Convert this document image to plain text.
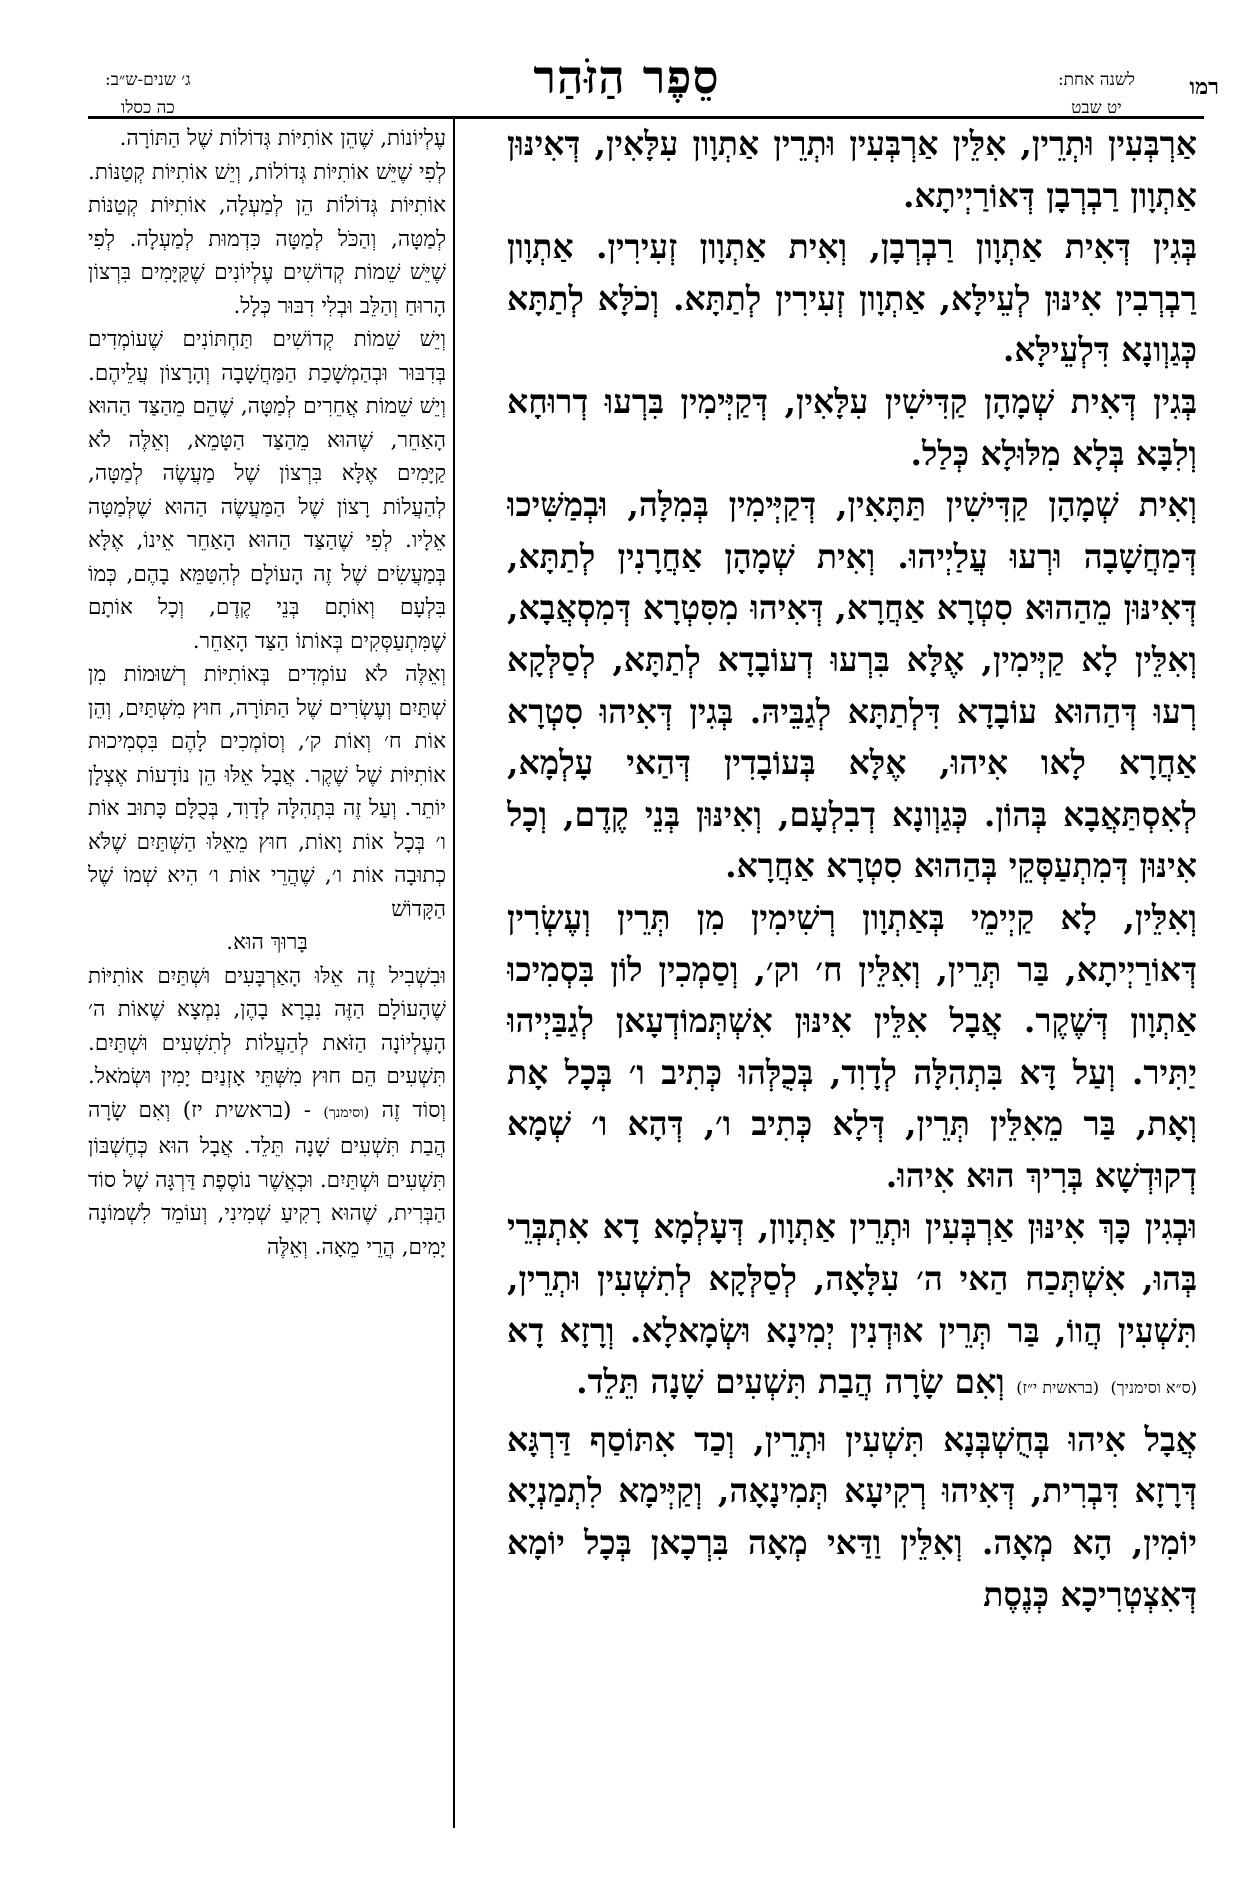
רמו
לשנה אחת:
יט שבט
סֵפֶר הַזֹּהַר
ג׳ שנים-ש״ב:
כה כסלו

אַרְבְּעִין וּתְרֵין, אִלֵּין אַרְבְּעִין וּתְרֵין אַתְוָון עִלָּאִין, דְּאִינּוּן אַתְוָון רַבְרְבָן דְּאוֹרַיְיתָא.

בְּגִין דְּאִית אַתְוָון רַבְרְבָן, וְאִית אַתְוָון זְעִירִין. אַתְוָון רַבְרְבִין אִינּוּן לְעֵילָּא, אַתְוָון זְעִירִין לְתַתָּא. וְכֹלָּא לְתַתָּא כְּגַוְונָא דִּלְעֵילָּא.

בְּגִין דְּאִית שְׁמָהָן קַדִּישִׁין עִלָּאִין, דְּקַיְּימִין בִּרְעוּ דְרוּחָא וְלִבָּא בְּלָא מִלּוּלָא כְּלַל.

וְאִית שְׁמָהָן קַדִּישִׁין תַּתָּאִין, דְּקַיְּימִין בְּמִלָּה, וּבְמַשִּׁיכוּ דְּמַחֲשָׁבָה וּרְעוּ עֲלַיְיהוּ. וְאִית שְׁמָהָן אַחֲרָנִין לְתַתָּא, דְּאִינּוּן מֵהַהוּא סִטְרָא אַחֲרָא, דְּאִיהוּ מִסִּטְרָא דְּמִסְאֲבָא, וְאִלֵּין לָא קַיְּימִין, אֶלָּא בִּרְעוּ דְעוֹבָדָא לְתַתָּא, לְסַלְּקָא רְעוּ דְּהַהוּא עוֹבָדָא דִּלְתַתָּא לְגַבֵּיהּ. בְּגִין דְּאִיהוּ סִטְרָא אַחֲרָא לָאו אִיהוּ, אֶלָּא בְּעוֹבָדִין דְּהַאי עָלְמָא, לְאִסְתַּאֲבָא בְּהוֹן. כְּגַוְונָא דְבִלְעָם, וְאִינּוּן בְּנֵי קֶדֶם, וְכָל אִינּוּן דְּמִתְעַסְּקֵי בְּהַהוּא סִטְרָא אַחֲרָא.

וְאִלֵּין, לָא קַיְימֵי בְּאַתְוָון רְשִׁימִין מִן תְּרֵין וְעֶשְׂרִין דְּאוֹרַיְיתָא, בַּר תְּרֵין, וְאִלֵּין ח׳ וק׳, וְסַמְכִין לוֹן בִּסְמִיכוּ אַתְוָון דְּשֶׁקֶר. אֲבָל אִלֵּין אִינּוּן אִשְׁתְּמוֹדְעָאן לְגַבַּיְיהוּ יַתִּיר. וְעַל דָּא בִּתְהִלָּה לְדָוִד, בְּכֻלְּהוּ כְּתִיב ו׳ בְּכָל אָת וְאָת, בַּר מֵאִלֵּין תְּרֵין, דְּלָא כְּתִיב ו׳, דְּהָא ו׳ שְׁמָא דְקוּדְשָׁא בְּרִיךְ הוּא אִיהוּ.

וּבְגִין כָּךְ אִינּוּן אַרְבְּעִין וּתְרֵין אַתְוָון, דְּעָלְמָא דָא אִתְבְּרֵי בְּהוּ, אִשְׁתְּכַח הַאי ה׳ עִלָּאָה, לְסַלְּקָא לְתִשְׁעִין וּתְרֵין, תִּשְׁעִין הֲווֹ, בַּר תְּרֵין אוּדְנִין יְמִינָא וּשְׂמָאלָא. וְרָזָא דָא (ס״א וסימניך) (בראשית י״ז) וְאִם שָׂרָה הֲבַת תִּשְׁעִים שָׁנָה תֵּלֵד.

אֲבָל אִיהוּ בְּחֻשְׁבְּנָא תִּשְׁעִין וּתְרֵין, וְכַד אִתּוֹסַף דַּרְגָּא דְּרָזָא דִּבְרִית, דְּאִיהוּ רְקִיעָא תְּמִינָאָה, וְקַיְּימָא לִתְמַנְיָא יוֹמִין, הָא מְאָה. וְאִלֵּין וַדַּאי מְאָה בִּרְכָאן בְּכָל יוֹמָא דְּאִצְטְרִיכָא כְּנֶסֶת

עֶלְיוֹנוֹת, שֶׁהֵן אוֹתִיּוֹת גְּדוֹלוֹת שֶׁל הַתּוֹרָה.

לְפִי שֶׁיֵּשׁ אוֹתִיּוֹת גְּדוֹלוֹת, וְיֵשׁ אוֹתִיּוֹת קְטַנּוֹת. אוֹתִיּוֹת גְּדוֹלוֹת הֵן לְמַעְלָה, אוֹתִיּוֹת קְטַנּוֹת לְמַטָּה, וְהַכֹּל לְמַטָּה כִּדְמוּת לְמַעְלָה. לְפִי שֶׁיֵּשׁ שֵׁמוֹת קְדוֹשִׁים עֶלְיוֹנִים שֶׁקַּיָּמִים בִּרְצוֹן הָרוּחַ וְהַלֵּב וּבְלִי דִבּוּר כְּלָל.

וְיֵשׁ שֵׁמוֹת קְדוֹשִׁים תַּחְתּוֹנִים שֶׁעוֹמְדִים בְּדִבּוּר וּבְהַמְשָׁכַת הַמַּחֲשָׁבָה וְהָרָצוֹן עֲלֵיהֶם. וְיֵשׁ שֵׁמוֹת אֲחֵרִים לְמַטָּה, שֶׁהֵם מֵהַצַּד הַהוּא הָאַחֵר, שֶׁהוּא מֵהַצַּד הַטָּמֵא, וְאֵלֶּה לֹא קַיָּמִים אֶלָּא בִּרְצוֹן שֶׁל מַעֲשֶׂה לְמַטָּה, לְהַעֲלוֹת רָצוֹן שֶׁל הַמַּעֲשֶׂה הַהוּא שֶׁלְּמַטָּה אֵלָיו. לְפִי שֶׁהַצַּד הַהוּא הָאַחֵר אֵינוֹ, אֶלָּא בְּמַעֲשִׂים שֶׁל זֶה הָעוֹלָם לְהִטַּמֵּא בָהֶם, כְּמוֹ בִּלְעָם וְאוֹתָם בְּנֵי קֶדֶם, וְכָל אוֹתָם שֶׁמִּתְעַסְּקִים בְּאוֹתוֹ הַצַּד הָאַחֵר.

וְאֵלֶּה לֹא עוֹמְדִים בְּאוֹתִיּוֹת רְשׁוּמוֹת מִן שְׁתַּיִם וְעֶשְׂרִים שֶׁל הַתּוֹרָה, חוּץ מִשְּׁתַּיִם, וְהֵן אוֹת ח׳ וְאוֹת ק׳, וְסוֹמְכִים לָהֶם בִּסְמִיכוּת אוֹתִיּוֹת שֶׁל שֶׁקֶר. אֲבָל אֵלּוּ הֵן נוֹדָעוֹת אֶצְלָן יוֹתֵר. וְעַל זֶה בִּתְהִלָּה לְדָוִד, בְּכֻלָּם כָּתוּב אוֹת ו׳ בְּכָל אוֹת וָאוֹת, חוּץ מֵאֵלּוּ הַשְּׁתַּיִם שֶׁלֹּא כְתוּבָה אוֹת ו׳, שֶׁהֲרֵי אוֹת ו׳ הִיא שְׁמוֹ שֶׁל הַקָּדוֹשׁ

בָּרוּךְ הוּא.

וּבִשְׁבִיל זֶה אֵלּוּ הָאַרְבָּעִים וּשְׁתַּיִם אוֹתִיּוֹת שֶׁהָעוֹלָם הַזֶּה נִבְרָא בָהֶן, נִמְצָא שֶׁאוֹת ה׳ הָעֶלְיוֹנָה הַזֹּאת לְהַעֲלוֹת לְתִשְׁעִים וּשְׁתַּיִם. תִּשְׁעִים הֵם חוּץ מִשְּׁתֵּי אָזְנַיִם יָמִין וּשְׂמֹאל. וְסוֹד זֶה (וסימנך) - (בראשית יז) וְאִם שָׂרָה הֲבַת תִּשְׁעִים שָׁנָה תֵּלֵד. אֲבָל הוּא כְּחֶשְׁבּוֹן תִּשְׁעִים וּשְׁתַּיִם. וּכְאֲשֶׁר נוֹסֶפֶת דַּרְגָּה שֶׁל סוֹד הַבְּרִית, שֶׁהוּא רָקִיעַ שְׁמִינִי, וְעוֹמֵד לִשְׁמוֹנָה יָמִים, הֲרֵי מֵאָה. וְאֵלֶּה
